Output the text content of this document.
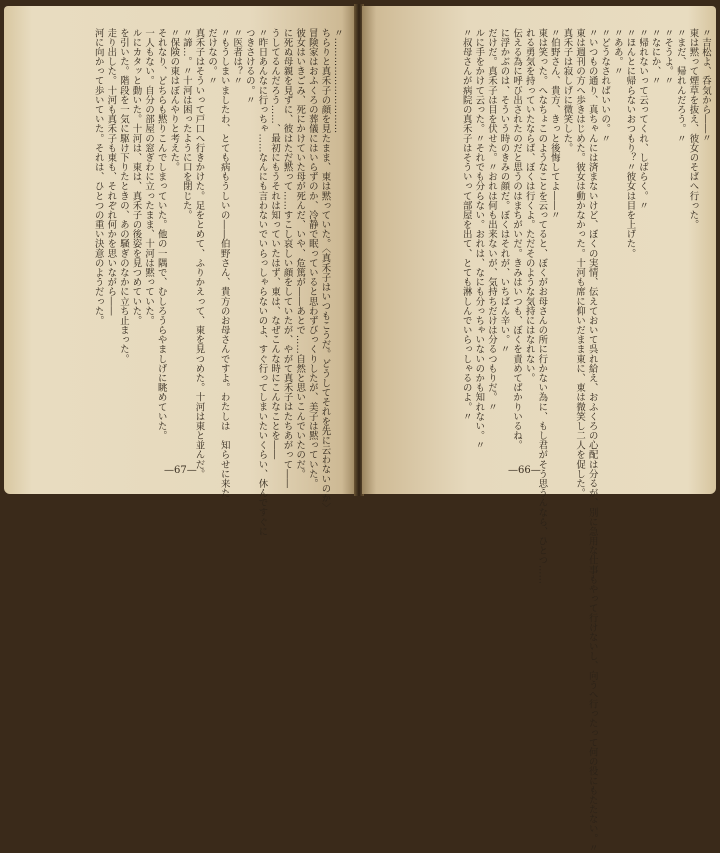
〃…………………………
ちらりと真禾子の顔を見たまま、東は黙っていた。〈真禾子はいつもこうだ。どうしてそれを先に云わないのか〉
冒険家はおふくろの葬儀にはいらずのか、冷静で眠っていると思わずびっくりしたが、美子は黙っていた。
彼女はいきごみ、死にかけていた母が死んだ、いや、危篤が――あとで……自然と思いこんでいたのだ。
に死ぬ母親を見ずに、彼はただ黙って……すこし哀しい顔をしていたが、やがて真禾子はたちあがって――
うしてるんだろう……、最初にもうそれは知っていたはず、東は、なぜこんな時にこんなことを――
〃昨日あんなに行っちゃ……なんにも言わないでいらっしゃらないのよ、すぐ行ってしまいたいくらい、休んですぐに
つきさけるの。〃
〃医者は？〃
〃もうしまいましたわ、とても病もうしいの――伯野さん、貴方のお母さんですよ。わたしは　知らせに来た
だけなの。〃
真禾子はそういって戸口へ行きかけた。足をとめて、ふりかえって、東を見つめた。十河は東と並んだ。
〃諦…。〃十河は困ったように口を閉じた。
〃保険の東はぼんやりと考えた。
それなり、どちらも黙りこんでしまっていた。他の一隅で、むしろうらやましげに眺めていた。
一人もない。自分の部屋の窓ぎわに立ったまま、十河は黙っていた。
ルにカタッと動いた。十河は、東は、真禾子の後姿を見つめていた。
を引いた。階段を一気に駆け下りたときの、あの騒ぎのなかに立ち止まった。
走り出した。十河も真禾子も東も、それぞれ何かを思いながら――
河に向かって歩いていた。それは、ひとつの重い決意のようだった。
—67—
〃吉松よ、呑気から――〃
東は黙って煙草を抜え、彼女のそばへ行った。
〃まだ、帰れんだろう。〃
〃そうよ。〃
〃なにか、〃
〃帰れないって云ってくれ、しばらく。〃
〃ほんとに帰らないおつもり？〃彼女は目を上げた。
〃ああ。〃
〃どうなさればいいの。〃
〃いつもの通り、真ちゃんには済まないけど、ぼくの実情、伝えておいて呉れ給え、おふくろの心配は分るが、別に急用な仕事もやって行けないし、向うへ行ったって何の役にもたたない。〃
東は週刊の方へ歩きはじめた。彼女は動かなかった。十河も席に仰いだまま東に、東は微笑し二人を促した。
真禾子は寂しげに微笑した。
〃伯野さん、貴方、きっと後悔してよ――〃
東は笑った。へなちょこのようなことを云ってると、ぼくがお母さんの所に行かない為に、もし君がそう思うんなら、ひとつ……
れる勇気を持っていたならば、ぼくは行くよ。ただそのような気持にはなれない。
伝える為に呼び出されたのだと思うのはまちがいだ。きみはいつも、ぼくを責めてばかりいるね。
に浮かぶのは、そういう時のきみの顔だ。ぼくはそれが、いちばん辛い。〃
だけだ。真禾子は目を伏せた。〃おれは何も出来ないが、気持ちだけは分るつもりだ。〃
ルに手をかけて云った。〃それでも分らない。おれは、なにも分っちゃいないのかも知れない。〃
〃叔母さんが病院の真禾子はそういって部屋を出て、とても淋しんでいらっしゃるのよ。〃
—66—
